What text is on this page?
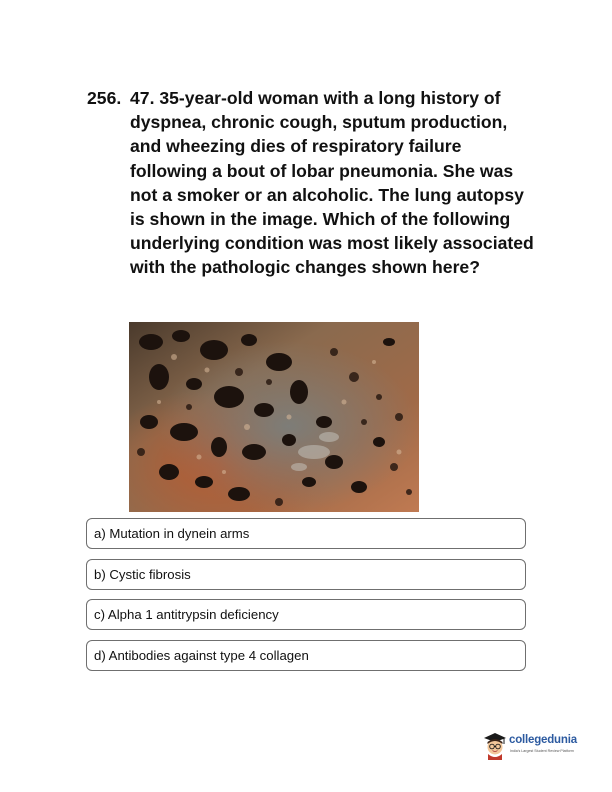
256. 47. 35-year-old woman with a long history of dyspnea, chronic cough, sputum production, and wheezing dies of respiratory failure following a bout of lobar pneumonia. She was not a smoker or an alcoholic. The lung autopsy is shown in the image. Which of the following underlying condition was most likely associated with the pathologic changes shown here?

a) Mutation in dynein arms
b) Cystic fibrosis
c) Alpha 1 antitrypsin deficiency
d) Antibodies against type 4 collagen
collegedunia
India's Largest Student Review Platform
